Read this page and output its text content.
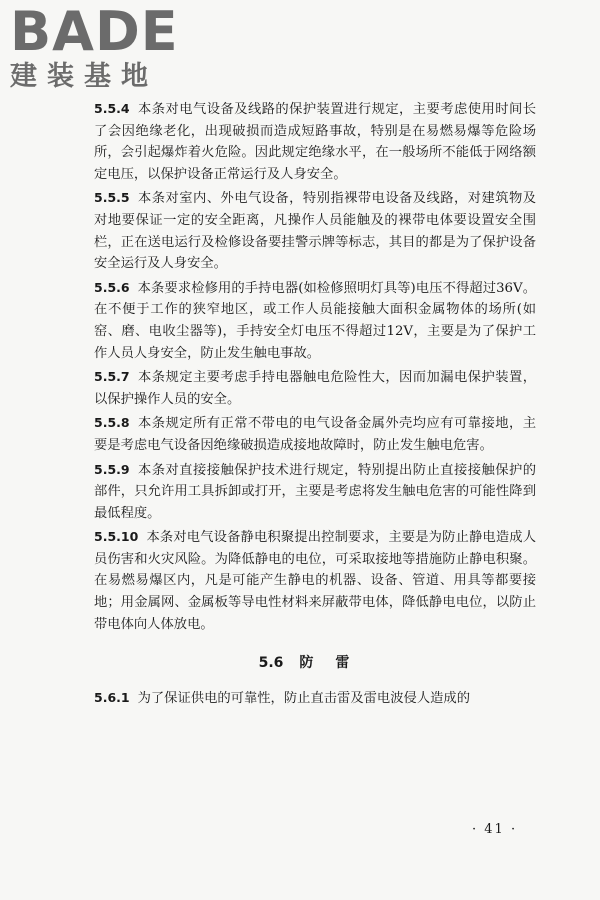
BADE
建装基地

5.5.4 本条对电气设备及线路的保护装置进行规定，主要考虑使用时间长了会因绝缘老化，出现破损而造成短路事故，特别是在易燃易爆等危险场所，会引起爆炸着火危险。因此规定绝缘水平，在一般场所不能低于网络额定电压，以保护设备正常运行及人身安全。

5.5.5 本条对室内、外电气设备，特别指裸带电设备及线路，对建筑物及对地要保证一定的安全距离，凡操作人员能触及的裸带电体要设置安全围栏，正在送电运行及检修设备要挂警示牌等标志，其目的都是为了保护设备安全运行及人身安全。

5.5.6 本条要求检修用的手持电器(如检修照明灯具等)电压不得超过36V。在不便于工作的狭窄地区，或工作人员能接触大面积金属物体的场所(如窑、磨、电收尘器等)，手持安全灯电压不得超过12V，主要是为了保护工作人员人身安全，防止发生触电事故。

5.5.7 本条规定主要考虑手持电器触电危险性大，因而加漏电保护装置，以保护操作人员的安全。

5.5.8 本条规定所有正常不带电的电气设备金属外壳均应有可靠接地，主要是考虑电气设备因绝缘破损造成接地故障时，防止发生触电危害。

5.5.9 本条对直接接触保护技术进行规定，特别提出防止直接接触保护的部件，只允许用工具拆卸或打开，主要是考虑将发生触电危害的可能性降到最低程度。

5.5.10 本条对电气设备静电积聚提出控制要求，主要是为防止静电造成人员伤害和火灾风险。为降低静电的电位，可采取接地等措施防止静电积聚。在易燃易爆区内，凡是可能产生静电的机器、设备、管道、用具等都要接地；用金属网、金属板等导电性材料来屏蔽带电体，降低静电电位，以防止带电体向人体放电。

5.6 防雷

5.6.1 为了保证供电的可靠性，防止直击雷及雷电波侵人造成的

· 41 ·
